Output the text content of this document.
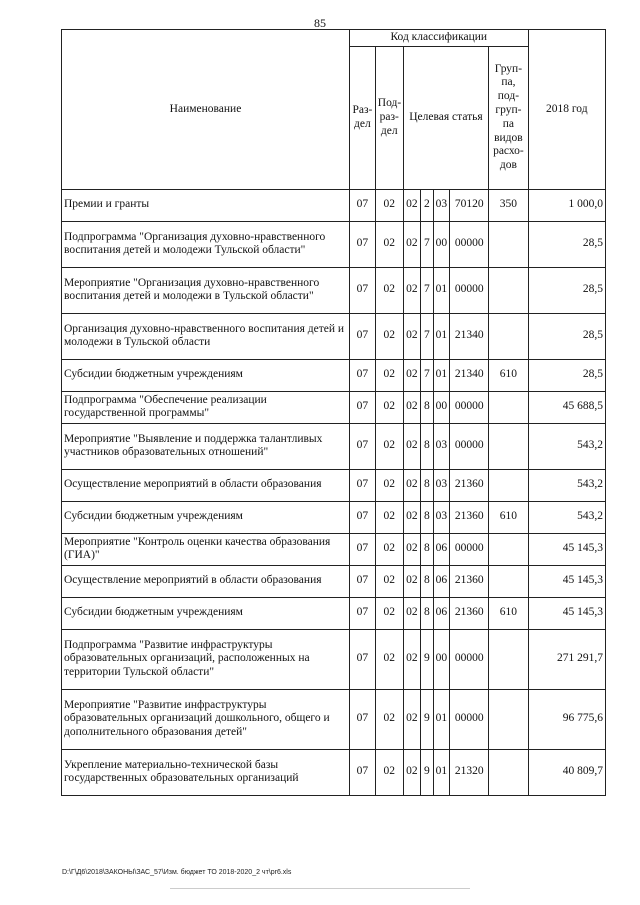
85
Наименование	Код классификации							2018 год
	Раз-дел	Под-раз-дел	Целевая статья				Груп-па, под-груп-па видов расхо-дов	
Премии и гранты	07	02	02	2	03	70120	350	1 000,0
Подпрограмма "Организация духовно-нравственного воспитания детей и молодежи Тульской области"	07	02	02	7	00	00000		28,5
Мероприятие "Организация духовно-нравственного воспитания детей и молодежи в Тульской области"	07	02	02	7	01	00000		28,5
Организация духовно-нравственного воспитания детей и молодежи в Тульской области	07	02	02	7	01	21340		28,5
Субсидии бюджетным учреждениям	07	02	02	7	01	21340	610	28,5
Подпрограмма "Обеспечение реализации государственной программы"	07	02	02	8	00	00000		45 688,5
Мероприятие "Выявление и поддержка талантливых участников образовательных отношений"	07	02	02	8	03	00000		543,2
Осуществление мероприятий в области образования	07	02	02	8	03	21360		543,2
Субсидии бюджетным учреждениям	07	02	02	8	03	21360	610	543,2
Мероприятие "Контроль оценки качества образования (ГИА)"	07	02	02	8	06	00000		45 145,3
Осуществление мероприятий в области образования	07	02	02	8	06	21360		45 145,3
Субсидии бюджетным учреждениям	07	02	02	8	06	21360	610	45 145,3
Подпрограмма "Развитие инфраструктуры образовательных организаций, расположенных на территории Тульской области"	07	02	02	9	00	00000		271 291,7
Мероприятие "Развитие инфраструктуры образовательных организаций дошкольного, общего и дополнительного образования детей"	07	02	02	9	01	00000		96 775,6
Укрепление материально-технической базы государственных образовательных организаций	07	02	02	9	01	21320		40 809,7
D:\Г\Д6\2018\ЗАКОНЫ\ЗАС_57\Изм. бюджет ТО 2018-2020_2 чт\pr6.xls
